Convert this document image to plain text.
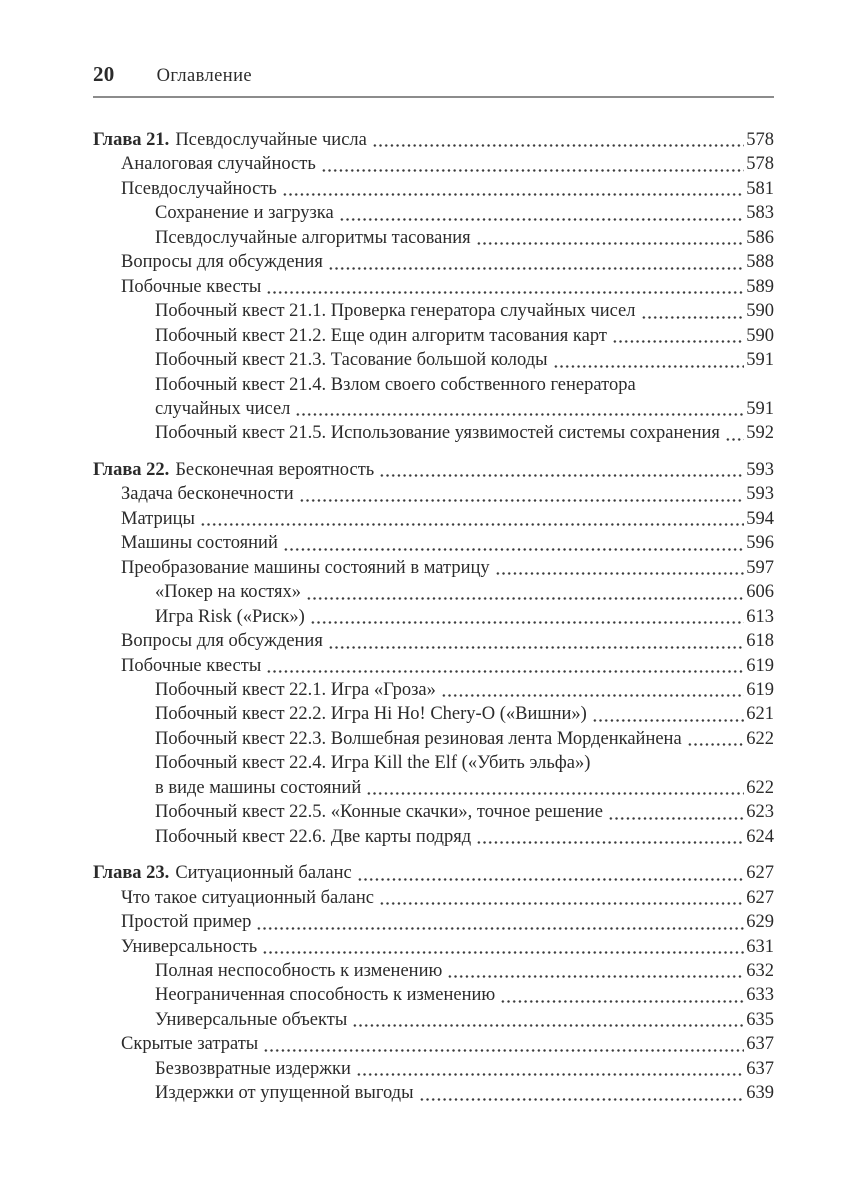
20 Оглавление
Глава 21. Псевдослучайные числа	578
Аналоговая случайность	578
Псевдослучайность	581
Сохранение и загрузка	583
Псевдослучайные алгоритмы тасования	586
Вопросы для обсуждения	588
Побочные квесты	589
Побочный квест 21.1. Проверка генератора случайных чисел	590
Побочный квест 21.2. Еще один алгоритм тасования карт	590
Побочный квест 21.3. Тасование большой колоды	591
Побочный квест 21.4. Взлом своего собственного генератора
случайных чисел	591
Побочный квест 21.5. Использование уязвимостей системы сохранения 592
Глава 22. Бесконечная вероятность	593
Задача бесконечности	593
Матрицы	594
Машины состояний	596
Преобразование машины состояний в матрицу	597
«Покер на костях»	606
Игра Risk («Риск»)	613
Вопросы для обсуждения	618
Побочные квесты	619
Побочный квест 22.1. Игра «Гроза»	619
Побочный квест 22.2. Игра Hi Ho! Chery-O («Вишни»)	621
Побочный квест 22.3. Волшебная резиновая лента Морденкайнена	622
Побочный квест 22.4. Игра Kill the Elf («Убить эльфа»)
в виде машины состояний	622
Побочный квест 22.5. «Конные скачки», точное решение	623
Побочный квест 22.6. Две карты подряд	624
Глава 23. Ситуационный баланс	627
Что такое ситуационный баланс	627
Простой пример	629
Универсальность	631
Полная неспособность к изменению	632
Неограниченная способность к изменению	633
Универсальные объекты	635
Скрытые затраты	637
Безвозвратные издержки	637
Издержки от упущенной выгоды	639
